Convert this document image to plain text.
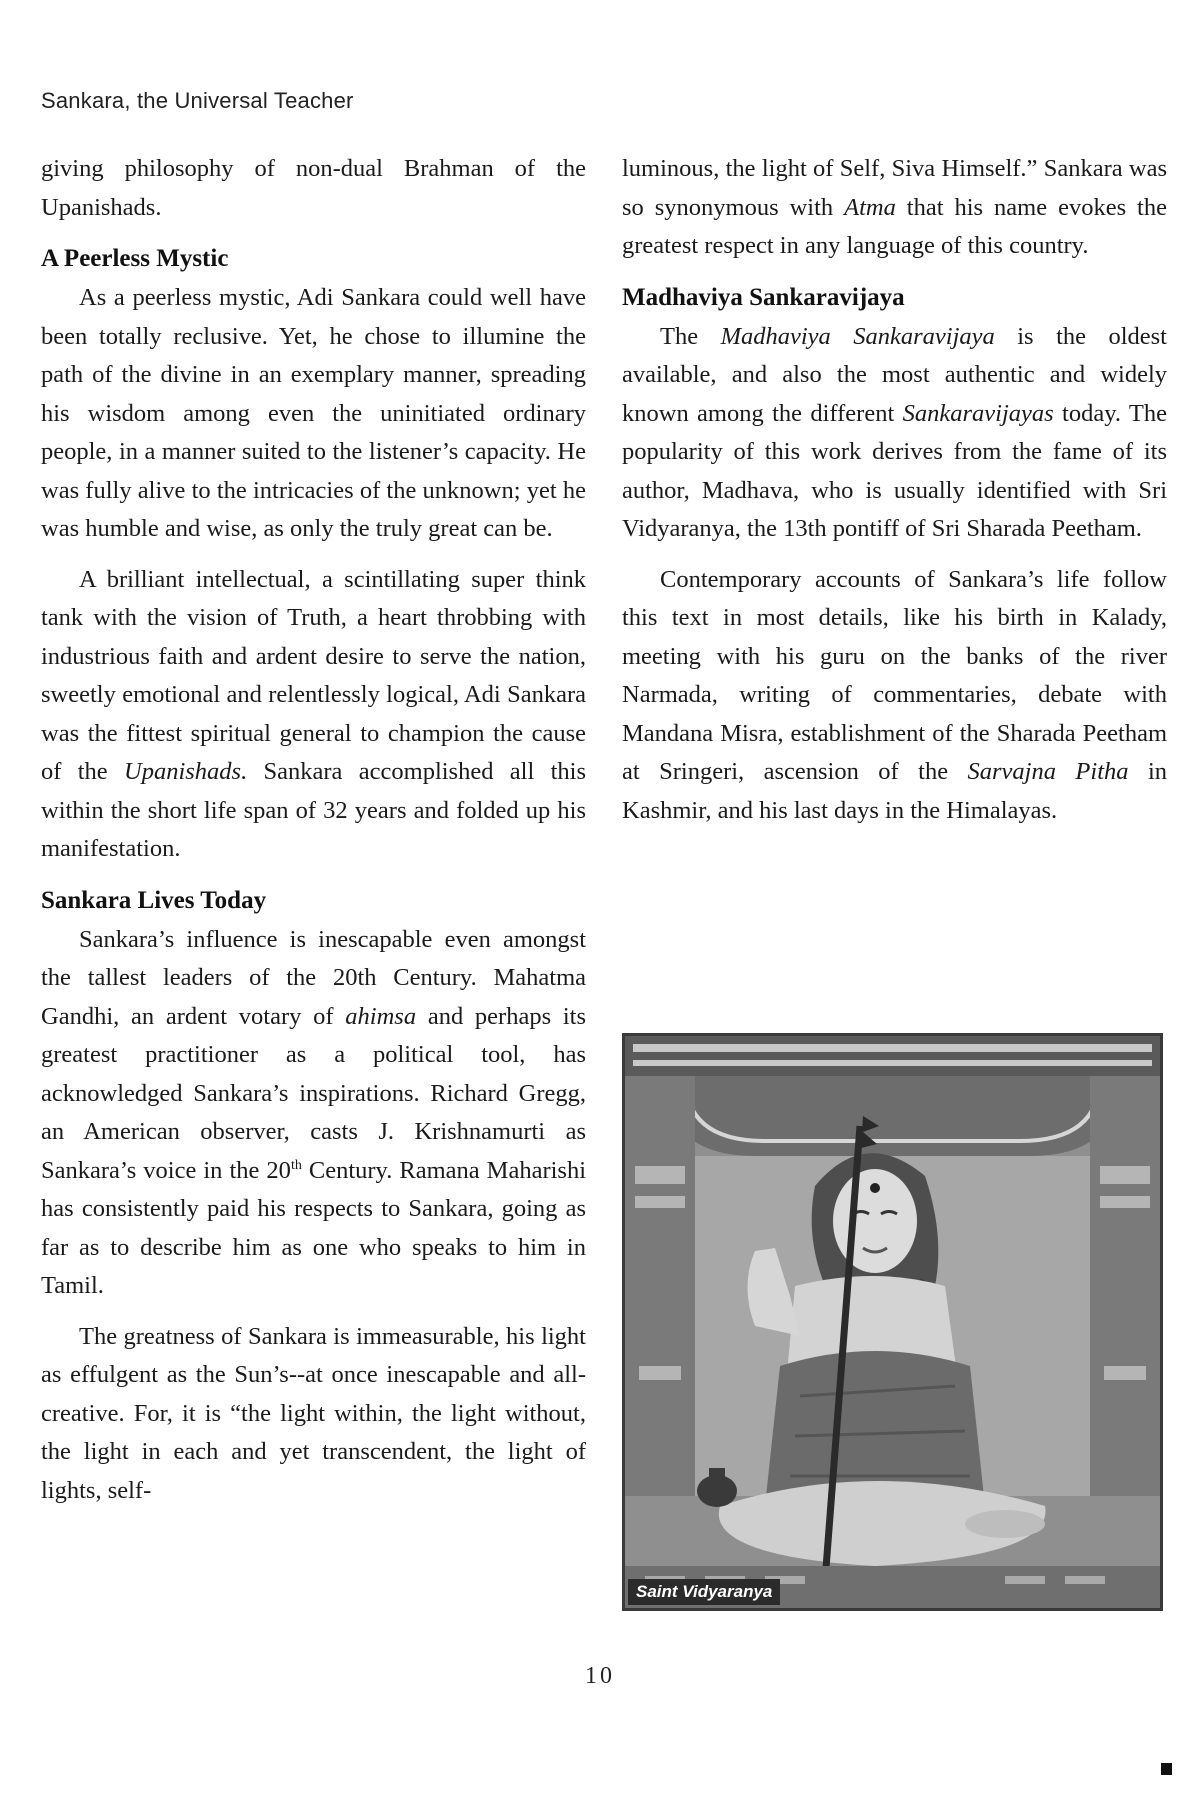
Sankara, the Universal Teacher

giving philosophy of non-dual Brahman of the Upanishads.

A Peerless Mystic

As a peerless mystic, Adi Sankara could well have been totally reclusive. Yet, he chose to illumine the path of the divine in an exemplary manner, spreading his wisdom among even the uninitiated ordinary people, in a manner suited to the listener’s capacity. He was fully alive to the intricacies of the unknown; yet he was humble and wise, as only the truly great can be.

A brilliant intellectual, a scintillating super think tank with the vision of Truth, a heart throbbing with industrious faith and ardent desire to serve the nation, sweetly emotional and relentlessly logical, Adi Sankara was the fittest spiritual general to champion the cause of the Upanishads. Sankara accomplished all this within the short life span of 32 years and folded up his manifestation.

Sankara Lives Today

Sankara’s influence is inescapable even amongst the tallest leaders of the 20th Century. Mahatma Gandhi, an ardent votary of ahimsa and perhaps its greatest practitioner as a political tool, has acknowledged Sankara’s inspirations. Richard Gregg, an American observer, casts J. Krishnamurti as Sankara’s voice in the 20th Century. Ramana Maharishi has consistently paid his respects to Sankara, going as far as to describe him as one who speaks to him in Tamil.

The greatness of Sankara is immeasurable, his light as effulgent as the Sun’s--at once inescapable and all-creative. For, it is “the light within, the light without, the light in each and yet transcendent, the light of lights, self-

luminous, the light of Self, Siva Himself.” Sankara was so synonymous with Atma that his name evokes the greatest respect in any language of this country.

Madhaviya Sankaravijaya

The Madhaviya Sankaravijaya is the oldest available, and also the most authentic and widely known among the different Sankaravijayas today. The popularity of this work derives from the fame of its author, Madhava, who is usually identified with Sri Vidyaranya, the 13th pontiff of Sri Sharada Peetham.

Contemporary accounts of Sankara’s life follow this text in most details, like his birth in Kalady, meeting with his guru on the banks of the river Narmada, writing of commentaries, debate with Mandana Misra, establishment of the Sharada Peetham at Sringeri, ascension of the Sarvajna Pitha in Kashmir, and his last days in the Himalayas.

Saint Vidyaranya
10
